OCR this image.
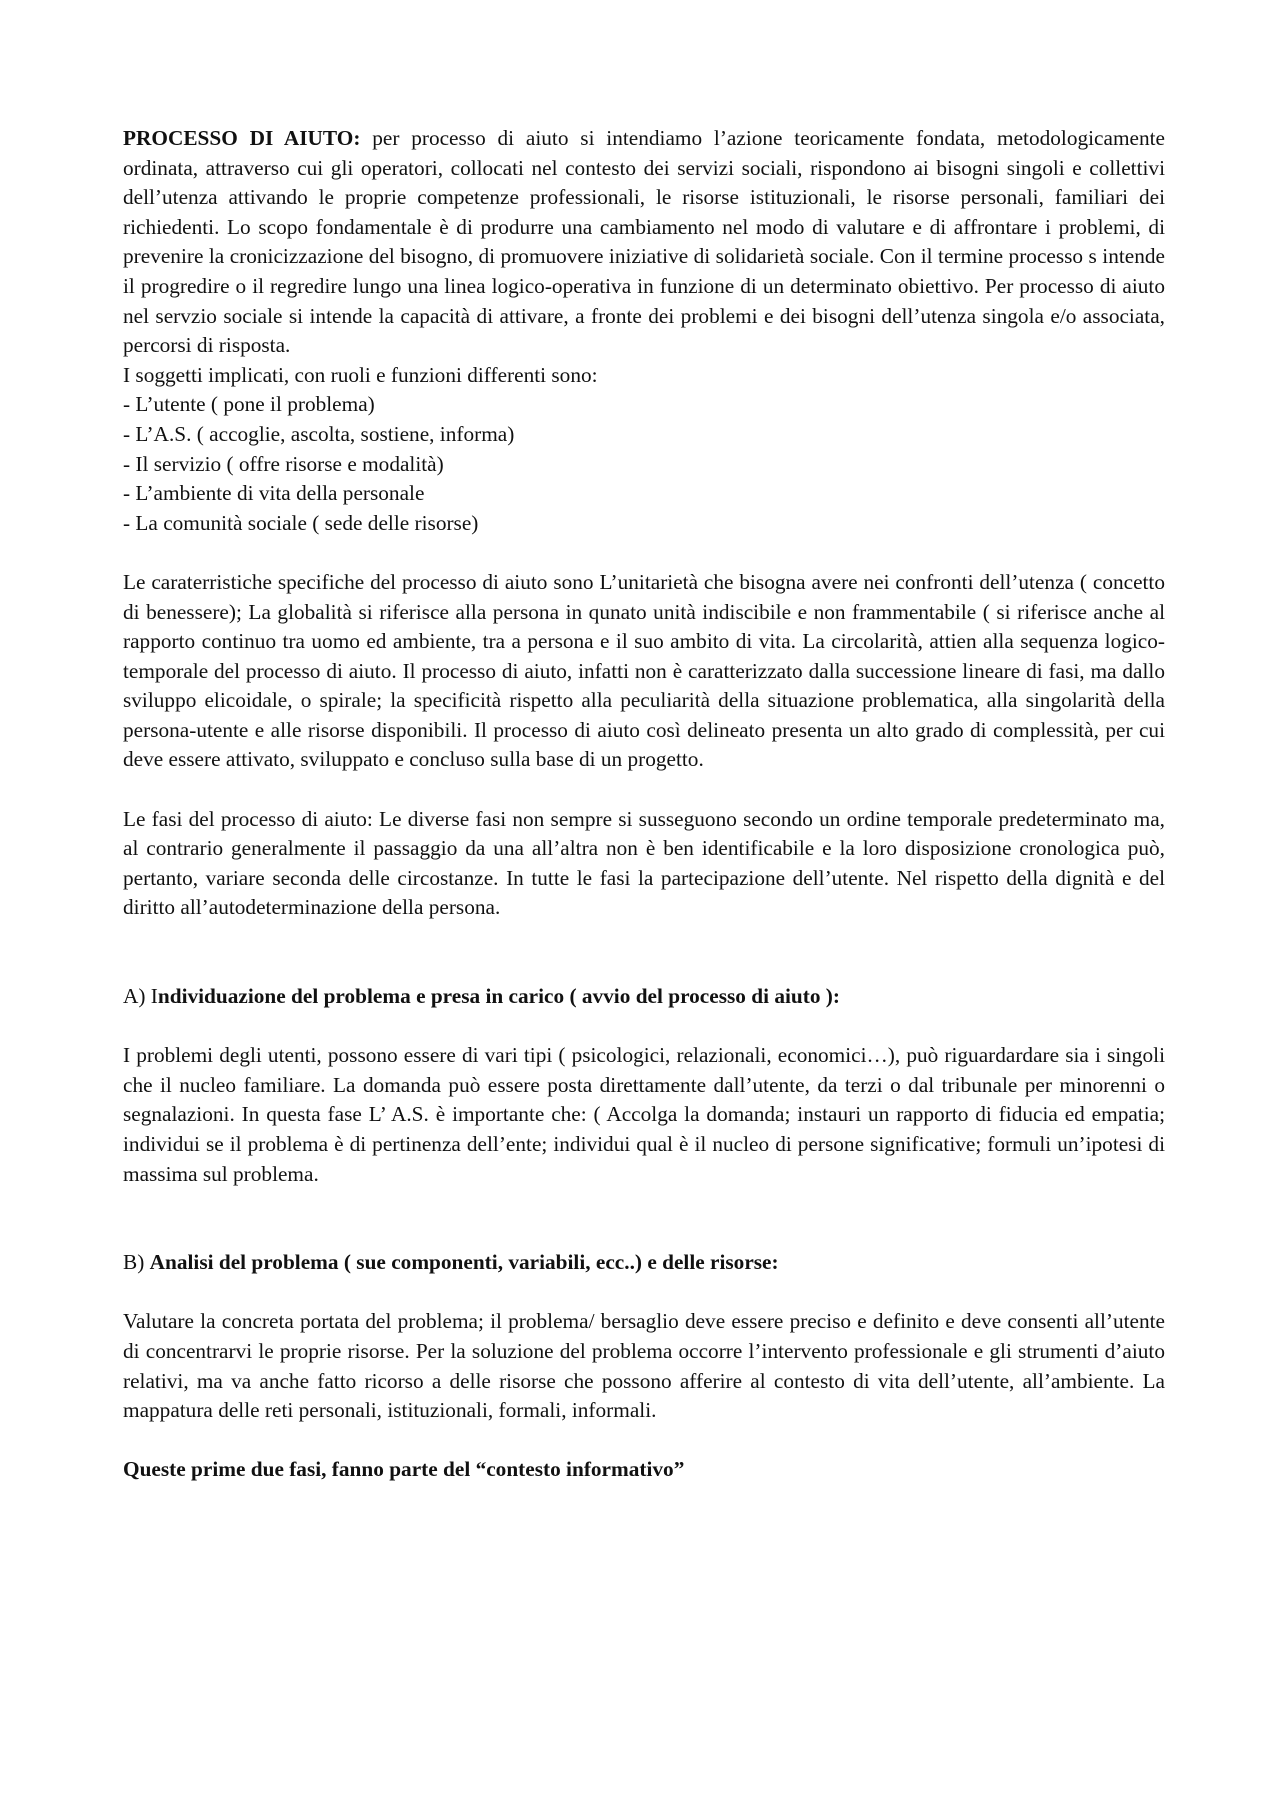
PROCESSO DI AIUTO: per processo di aiuto si intendiamo l’azione teoricamente fondata, metodologicamente ordinata, attraverso cui gli operatori, collocati nel contesto dei servizi sociali, rispondono ai bisogni singoli e collettivi dell’utenza attivando le proprie competenze professionali, le risorse istituzionali, le risorse personali, familiari dei richiedenti. Lo scopo fondamentale è di produrre una cambiamento nel modo di valutare e di affrontare i problemi, di prevenire la cronicizzazione del bisogno, di promuovere iniziative di solidarietà sociale. Con il termine processo s intende il progredire o il regredire lungo una linea logico-operativa in funzione di un determinato obiettivo. Per processo di aiuto nel servzio sociale si intende la capacità di attivare, a fronte dei problemi e dei bisogni dell’utenza singola e/o associata, percorsi di risposta.

I soggetti implicati, con ruoli e funzioni differenti sono:

- L’utente ( pone il problema)
- L’A.S. ( accoglie, ascolta, sostiene, informa)
- Il servizio ( offre risorse e modalità)
- L’ambiente di vita della personale
- La comunità sociale ( sede delle risorse)

Le caraterristiche specifiche del processo di aiuto sono L’unitarietà che bisogna avere nei confronti dell’utenza ( concetto di benessere); La globalità si riferisce alla persona in qunato unità indiscibile e non frammentabile ( si riferisce anche al rapporto continuo tra uomo ed ambiente, tra a persona e il suo ambito di vita. La circolarità, attien alla sequenza logico-temporale del processo di aiuto. Il processo di aiuto, infatti non è caratterizzato dalla successione lineare di fasi, ma dallo sviluppo elicoidale, o spirale; la specificità rispetto alla peculiarità della situazione problematica, alla singolarità della persona-utente e alle risorse disponibili. Il processo di aiuto così delineato presenta un alto grado di complessità, per cui deve essere attivato, sviluppato e concluso sulla base di un progetto.

Le fasi del processo di aiuto: Le diverse fasi non sempre si susseguono secondo un ordine temporale predeterminato ma, al contrario generalmente il passaggio da una all’altra non è ben identificabile e la loro disposizione cronologica può, pertanto, variare seconda delle circostanze. In tutte le fasi la partecipazione dell’utente. Nel rispetto della dignità e del diritto all’autodeterminazione della persona.

A) Individuazione del problema e presa in carico ( avvio del processo di aiuto ):

I problemi degli utenti, possono essere di vari tipi ( psicologici, relazionali, economici…), può riguardardare sia i singoli che il nucleo familiare. La domanda può essere posta direttamente dall’utente, da terzi o dal tribunale per minorenni o segnalazioni. In questa fase L’ A.S. è importante che: ( Accolga la domanda; instauri un rapporto di fiducia ed empatia; individui se il problema è di pertinenza dell’ente; individui qual è il nucleo di persone significative; formuli un’ipotesi di massima sul problema.

B) Analisi del problema ( sue componenti, variabili, ecc..) e delle risorse:

Valutare la concreta portata del problema; il problema/ bersaglio deve essere preciso e definito e deve consenti all’utente di concentrarvi le proprie risorse. Per la soluzione del problema occorre l’intervento professionale e gli strumenti d’aiuto relativi, ma va anche fatto ricorso a delle risorse che possono afferire al contesto di vita dell’utente, all’ambiente. La mappatura delle reti personali, istituzionali, formali, informali.

Queste prime due fasi, fanno parte del “contesto informativo”
